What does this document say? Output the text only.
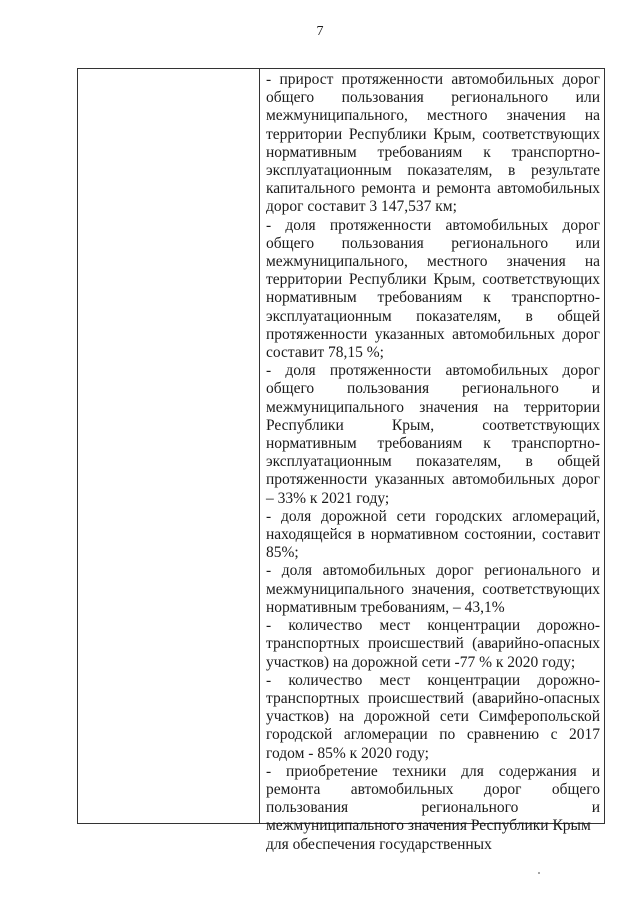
7

- прирост протяженности автомобильных дорог общего пользования регионального или межмуниципального, местного значения на территории Республики Крым, соответствующих нормативным требованиям к транспортно-эксплуатационным показателям, в результате капитального ремонта и ремонта автомобильных дорог составит 3 147,537 км;

- доля протяженности автомобильных дорог общего пользования регионального или межмуниципального, местного значения на территории Республики Крым, соответствующих нормативным требованиям к транспортно-эксплуатационным показателям, в общей протяженности указанных автомобильных дорог составит 78,15 %;

- доля протяженности автомобильных дорог общего пользования регионального и межмуниципального значения на территории Республики Крым, соответствующих нормативным требованиям к транспортно-эксплуатационным показателям, в общей протяженности указанных автомобильных дорог – 33% к 2021 году;

- доля дорожной сети городских агломераций, находящейся в нормативном состоянии, составит 85%;

- доля автомобильных дорог регионального и межмуниципального значения, соответствующих нормативным требованиям, – 43,1%

- количество мест концентрации дорожно-транспортных происшествий (аварийно-опасных участков) на дорожной сети -77 % к 2020 году;

- количество мест концентрации дорожно-транспортных происшествий (аварийно-опасных участков) на дорожной сети Симферопольской городской агломерации по сравнению с 2017 годом - 85% к 2020 году;

- приобретение техники для содержания и ремонта автомобильных дорог общего пользования регионального и межмуниципального значения Республики Крым

для обеспечения государственных
